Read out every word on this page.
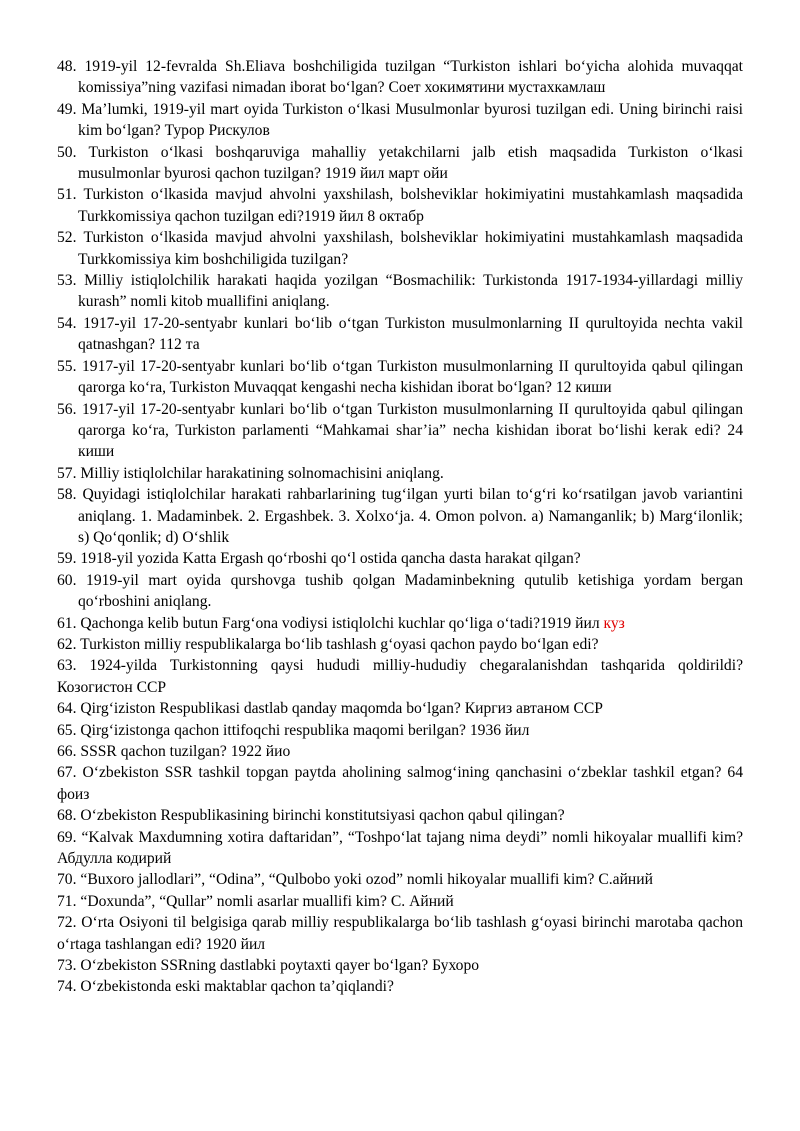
48. 1919-yil 12-fevralda Sh.Eliava boshchiligida tuzilgan “Turkiston ishlari bo‘yicha alohida muvaqqat komissiya”ning vazifasi nimadan iborat bo‘lgan? Соет хокимятини мустахкамлаш

49. Ma’lumki, 1919-yil mart oyida Turkiston o‘lkasi Musulmonlar byurosi tuzilgan edi. Uning birinchi raisi kim bo‘lgan? Турор Рискулов

50. Turkiston o‘lkasi boshqaruviga mahalliy yetakchilarni jalb etish maqsadida Turkiston o‘lkasi musulmonlar byurosi qachon tuzilgan? 1919 йил март ойи

51. Turkiston o‘lkasida mavjud ahvolni yaxshilash, bolsheviklar hokimiyatini mustahkamlash maqsadida Turkkomissiya qachon tuzilgan edi?1919 йил 8 октабр

52. Turkiston o‘lkasida mavjud ahvolni yaxshilash, bolsheviklar hokimiyatini mustahkamlash maqsadida Turkkomissiya kim boshchiligida tuzilgan?

53. Milliy istiqlolchilik harakati haqida yozilgan “Bosmachilik: Turkistonda 1917-1934-yillardagi milliy kurash” nomli kitob muallifini aniqlang.

54. 1917-yil 17-20-sentyabr kunlari bo‘lib o‘tgan Turkiston musulmonlarning II qurultoyida nechta vakil qatnashgan? 112 та

55. 1917-yil 17-20-sentyabr kunlari bo‘lib o‘tgan Turkiston musulmonlarning II qurultoyida qabul qilingan qarorga ko‘ra, Turkiston Muvaqqat kengashi necha kishidan iborat bo‘lgan? 12 киши

56. 1917-yil 17-20-sentyabr kunlari bo‘lib o‘tgan Turkiston musulmonlarning II qurultoyida qabul qilingan qarorga ko‘ra, Turkiston parlamenti “Mahkamai shar’ia” necha kishidan iborat bo‘lishi kerak edi? 24 киши

57. Milliy istiqlolchilar harakatining solnomachisini aniqlang.

58. Quyidagi istiqlolchilar harakati rahbarlarining tug‘ilgan yurti bilan to‘g‘ri ko‘rsatilgan javob variantini aniqlang. 1. Madaminbek. 2. Ergashbek. 3. Xolxo‘ja. 4. Omon polvon. a) Namanganlik; b) Marg‘ilonlik; s) Qo‘qonlik; d) O‘shlik

59. 1918-yil yozida Katta Ergash qo‘rboshi qo‘l ostida qancha dasta harakat qilgan?

60. 1919-yil mart oyida qurshovga tushib qolgan Madaminbekning qutulib ketishiga yordam bergan qo‘rboshini aniqlang.

61. Qachonga kelib butun Farg‘ona vodiysi istiqlolchi kuchlar qo‘liga o‘tadi?1919 йил куз

62. Turkiston milliy respublikalarga bo‘lib tashlash g‘oyasi qachon paydo bo‘lgan edi?

63. 1924-yilda Turkistonning qaysi hududi milliy-hududiy chegaralanishdan tashqarida qoldirildi? Козогистон ССР

64. Qirg‘iziston Respublikasi dastlab qanday maqomda bo‘lgan? Киргиз автаном ССР

65. Qirg‘izistonga qachon ittifoqchi respublika maqomi berilgan? 1936 йил

66. SSSR qachon tuzilgan? 1922 йио

67. O‘zbekiston SSR tashkil topgan paytda aholining salmog‘ining qanchasini o‘zbeklar tashkil etgan? 64 фоиз

68. O‘zbekiston Respublikasining birinchi konstitutsiyasi qachon qabul qilingan?

69. “Kalvak Maxdumning xotira daftaridan”, “Toshpo‘lat tajang nima deydi” nomli hikoyalar muallifi kim? Абдулла кодирий

70. “Buxoro jallodlari”, “Odina”, “Qulbobo yoki ozod” nomli hikoyalar muallifi kim? С.айний

71. “Doxunda”, “Qullar” nomli asarlar muallifi kim? С. Айний

72. O‘rta Osiyoni til belgisiga qarab milliy respublikalarga bo‘lib tashlash g‘oyasi birinchi marotaba qachon o‘rtaga tashlangan edi? 1920 йил

73. O‘zbekiston SSRning dastlabki poytaxti qayer bo‘lgan? Бухоро

74. O‘zbekistonda eski maktablar qachon ta’qiqlandi?
